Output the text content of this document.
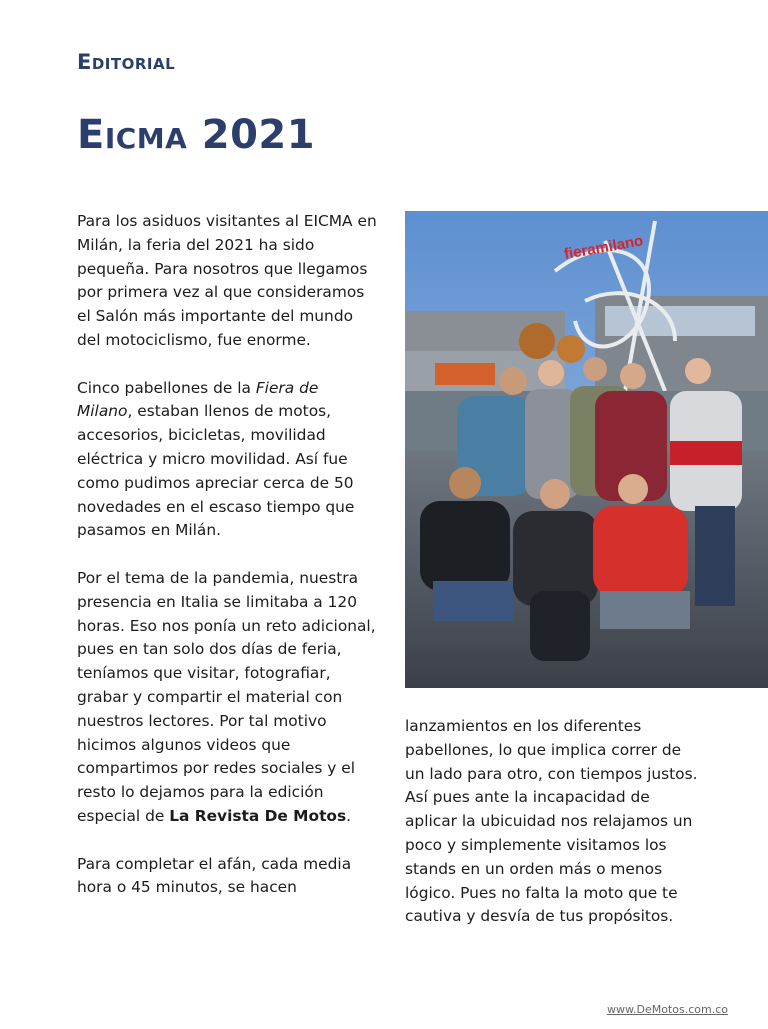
Editorial
Eicma 2021

Para los asiduos visitantes al EICMA en Milán, la feria del 2021 ha sido pequeña. Para nosotros que llegamos por primera vez al que consideramos el Salón más importante del mundo del motociclismo, fue enorme.

Cinco pabellones de la Fiera de Milano, estaban llenos de motos, accesorios, bicicletas, movilidad eléctrica y micro movilidad. Así fue como pudimos apreciar cerca de 50 novedades en el escaso tiempo que pasamos en Milán.

Por el tema de la pandemia, nuestra presencia en Italia se limitaba a 120 horas. Eso nos ponía un reto adicional, pues en tan solo dos días de feria, teníamos que visitar, fotografiar, grabar y compartir el material con nuestros lectores. Por tal motivo hicimos algunos videos que compartimos por redes sociales y el resto lo dejamos para la edición especial de La Revista De Motos.

Para completar el afán, cada media hora o 45 minutos, se hacen

fieramilano

lanzamientos en los diferentes pabellones, lo que implica correr de un lado para otro, con tiempos justos. Así pues ante la incapacidad de aplicar la ubicuidad nos relajamos un poco y simplemente visitamos los stands en un orden más o menos lógico. Pues no falta la moto que te cautiva y desvía de tus propósitos.

www.DeMotos.com.co
